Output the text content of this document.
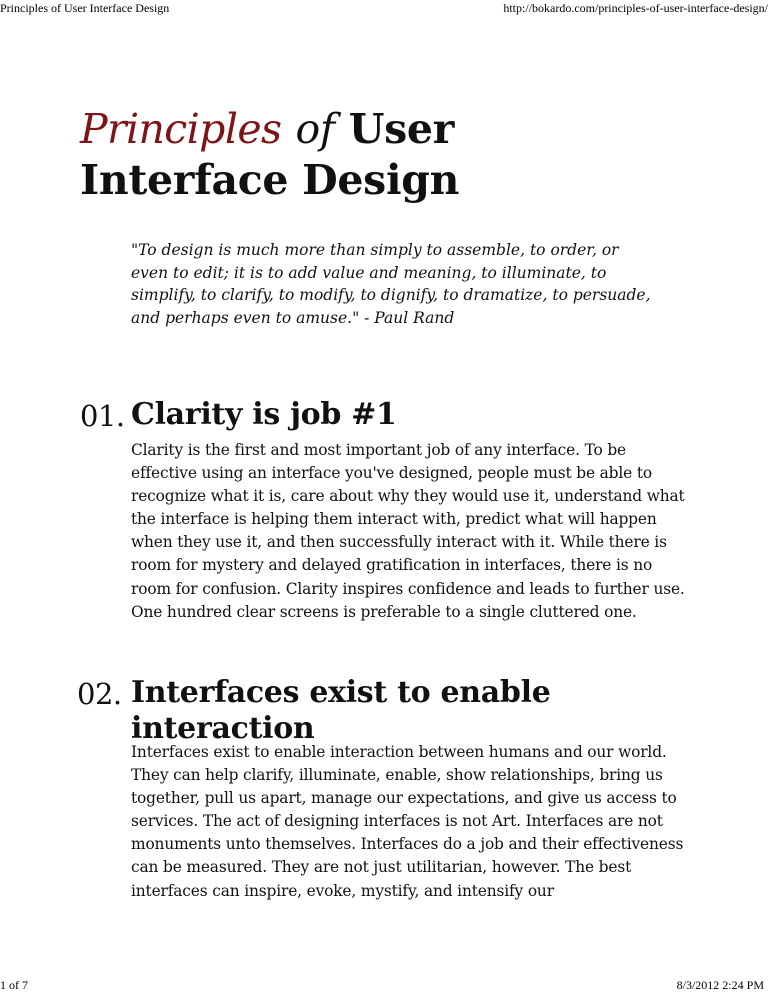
Principles of User Interface Design	http://bokardo.com/principles-of-user-interface-design/
Principles of User Interface Design

"To design is much more than simply to assemble, to order, or even to edit; it is to add value and meaning, to illuminate, to simplify, to clarify, to modify, to dignify, to dramatize, to persuade, and perhaps even to amuse." - Paul Rand

01. Clarity is job #1

Clarity is the first and most important job of any interface. To be effective using an interface you've designed, people must be able to recognize what it is, care about why they would use it, understand what the interface is helping them interact with, predict what will happen when they use it, and then successfully interact with it. While there is room for mystery and delayed gratification in interfaces, there is no room for confusion. Clarity inspires confidence and leads to further use. One hundred clear screens is preferable to a single cluttered one.

02. Interfaces exist to enable interaction

Interfaces exist to enable interaction between humans and our world. They can help clarify, illuminate, enable, show relationships, bring us together, pull us apart, manage our expectations, and give us access to services. The act of designing interfaces is not Art. Interfaces are not monuments unto themselves. Interfaces do a job and their effectiveness can be measured. They are not just utilitarian, however. The best interfaces can inspire, evoke, mystify, and intensify our

1 of 7	8/3/2012 2:24 PM
